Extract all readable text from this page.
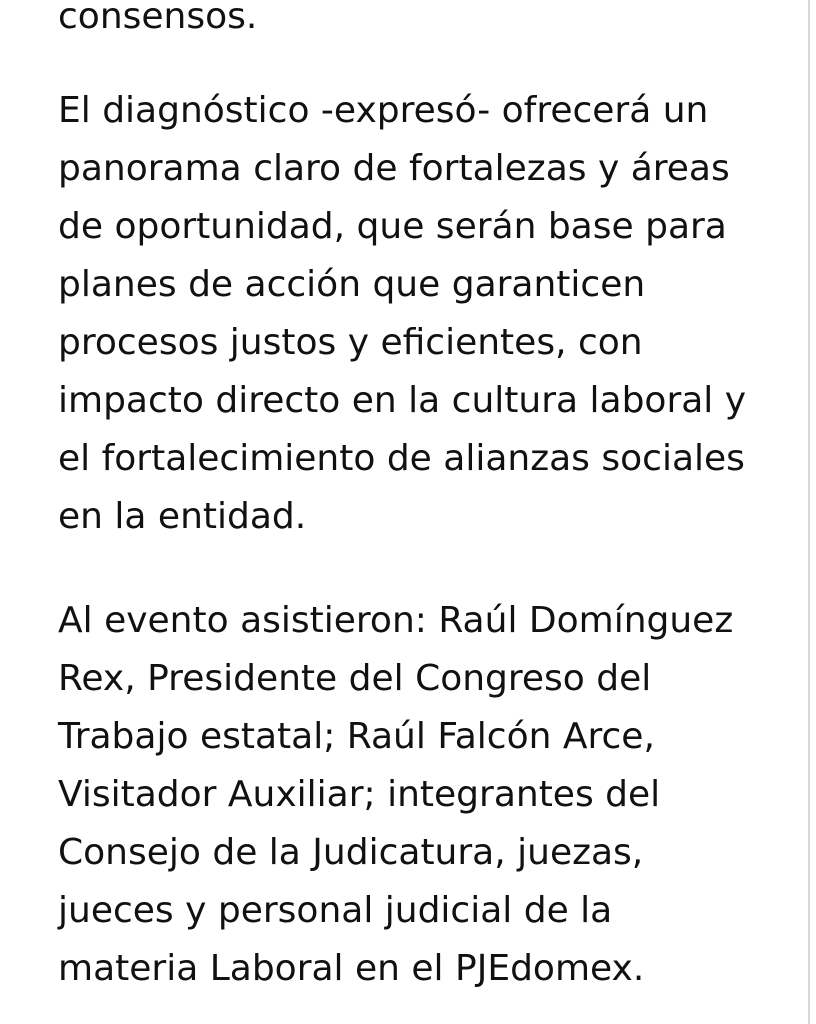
consensos.

El diagnóstico -expresó- ofrecerá un
panorama claro de fortalezas y áreas
de oportunidad, que serán base para
planes de acción que garanticen
procesos justos y eficientes, con
impacto directo en la cultura laboral y
el fortalecimiento de alianzas sociales
en la entidad.

Al evento asistieron: Raúl Domínguez
Rex, Presidente del Congreso del
Trabajo estatal; Raúl Falcón Arce,
Visitador Auxiliar; integrantes del
Consejo de la Judicatura, juezas,
jueces y personal judicial de la
materia Laboral en el PJEdomex.
